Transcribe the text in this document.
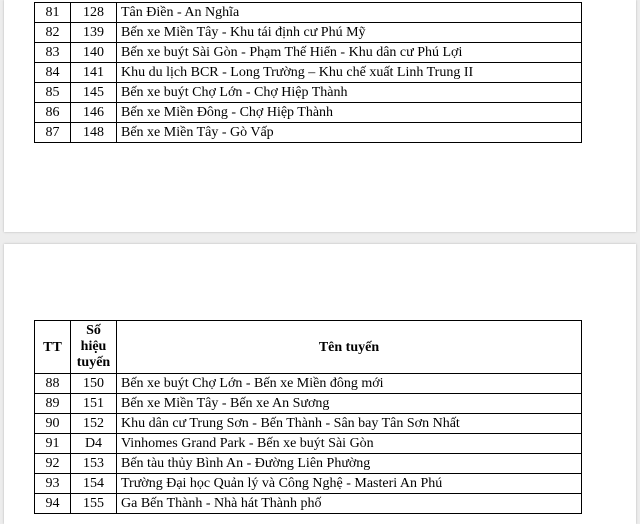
81	128	Tân Điền - An Nghĩa
82	139	Bến xe Miền Tây - Khu tái định cư Phú Mỹ
83	140	Bến xe buýt Sài Gòn - Phạm Thế Hiển - Khu dân cư Phú Lợi
84	141	Khu du lịch BCR - Long Trường – Khu chế xuất Linh Trung II
85	145	Bến xe buýt Chợ Lớn - Chợ Hiệp Thành
86	146	Bến xe Miền Đông - Chợ Hiệp Thành
87	148	Bến xe Miền Tây - Gò Vấp
TT	Số hiệu tuyến	Tên tuyến
88	150	Bến xe buýt Chợ Lớn - Bến xe Miền đông mới
89	151	Bến xe Miền Tây - Bến xe An Sương
90	152	Khu dân cư Trung Sơn - Bến Thành - Sân bay Tân Sơn Nhất
91	D4	Vinhomes Grand Park - Bến xe buýt Sài Gòn
92	153	Bến tàu thủy Bình An - Đường Liên Phường
93	154	Trường Đại học Quản lý và Công Nghệ - Masteri An Phú
94	155	Ga Bến Thành - Nhà hát Thành phố
